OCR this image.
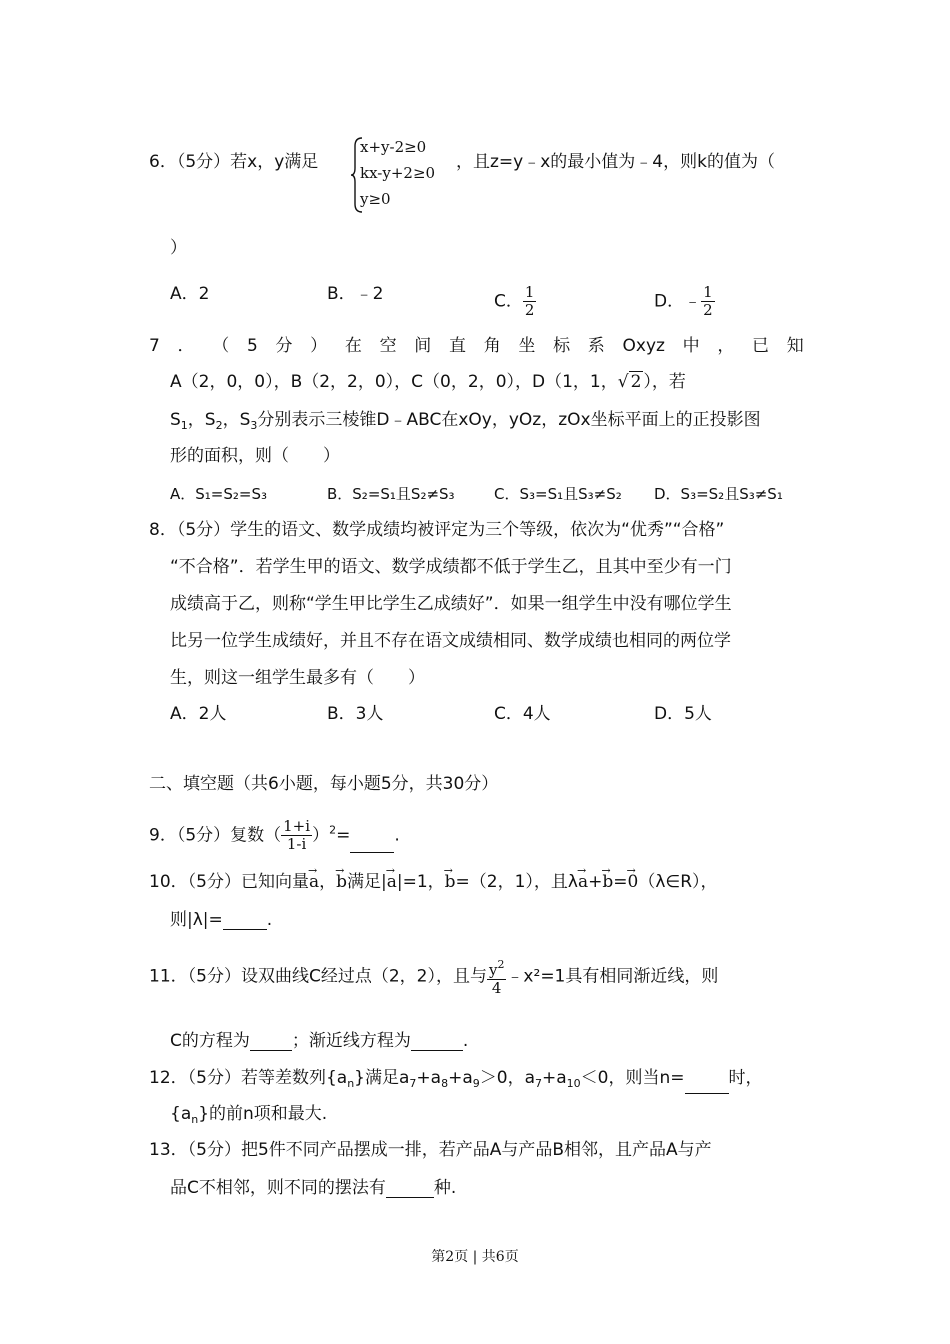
6．（5分）若x，y满足
x+y-2≥0
kx-y+2≥0
y≥0
，且z=y﹣x的最小值为﹣4，则k的值为（
）
A．2	B．﹣2	C． $\frac{1}{2}$	D．﹣ $\frac{1}{2}$
7 ． （ 5 分 ） 在 空 间 直 角 坐 标 系 Oxyz 中 ， 已 知
A（2，0，0），B（2，2，0），C（0，2，0），D（1，1，√ 2 ），若
$S_1$，$S_2$，$S_3$分别表示三棱锥D﹣ABC在xOy，yOz，zOx坐标平面上的正投影图
形的面积，则（　　）
A．S₁=S₂=S₃	B．S₂=S₁且S₂≠S₃	C．S₃=S₁且S₃≠S₂ D．S₃=S₂且S₃≠S₁
8．（5分）学生的语文、数学成绩均被评定为三个等级，依次为“优秀”“合格”
“不合格”．若学生甲的语文、数学成绩都不低于学生乙，且其中至少有一门
成绩高于乙，则称“学生甲比学生乙成绩好”．如果一组学生中没有哪位学生
比另一位学生成绩好，并且不存在语文成绩相同、数学成绩也相同的两位学
生，则这一组学生最多有（　　）
A．2人	B．3人	C．4人	D．5人
二、填空题（共6小题，每小题5分，共30分）
9．（5分）复数（ $\frac{1+i}{1-i} )^2=$	.
10．（5分）已知向量→ a，→ b满足|→ a|=1，→ b=（2，1），且λ→ a+→ b=→ 0（λ∈R），
则|λ|=	.
11．（5分）设双曲线C经过点（2，2），且与 $\frac{y^2}{4}$ ﹣x²=1具有相同渐近线，则
C的方程为 ；渐近线方程为	.
12．（5分）若等差数列$\{a_n\}$满足$a_7+a_8+a_9>0$，$a_7+a_{10}<0$，则当n=	时，
$\{a_n\}$的前n项和最大.
13．（5分）把5件不同产品摆成一排，若产品A与产品B相邻，且产品A与产
品C不相邻，则不同的摆法有	种.
第2页 | 共6页
